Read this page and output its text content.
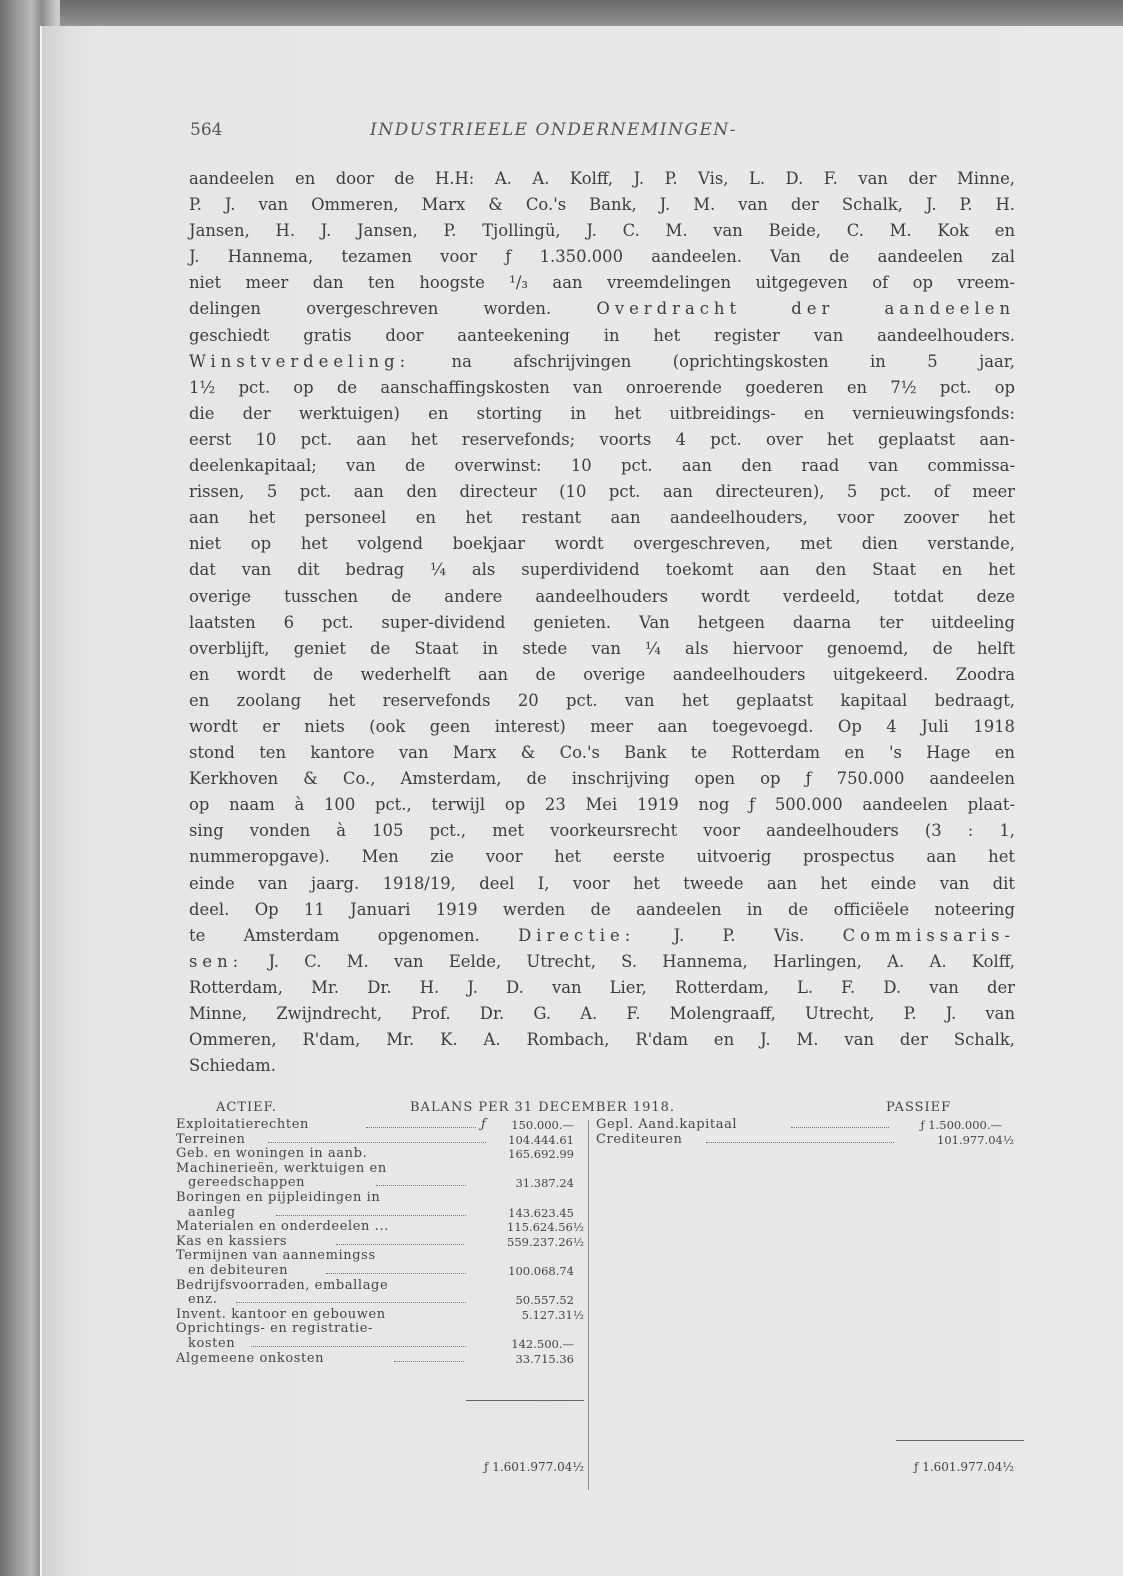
564	INDUSTRIEELE ONDERNEMINGEN-
aandeelen en door de H.H: A. A. Kolff, J. P. Vis, L. D. F. van der Minne,
P. J. van Ommeren, Marx & Co.'s Bank, J. M. van der Schalk, J. P. H.
Jansen, H. J. Jansen, P. Tjollingü, J. C. M. van Beide, C. M. Kok en
J. Hannema, tezamen voor ƒ 1.350.000 aandeelen. Van de aandeelen zal
niet meer dan ten hoogste ¹/₃ aan vreemdelingen uitgegeven of op vreem-
delingen overgeschreven worden.	Overdracht der aandeelen
geschiedt gratis door aanteekening in het register van aandeelhouders.
Winstverdeeling:	na afschrijvingen (oprichtingskosten in 5 jaar,
1½ pct. op de aanschaffingskosten van onroerende goederen en 7½ pct. op
die der werktuigen) en storting in het uitbreidings- en vernieuwingsfonds:
eerst 10 pct. aan het reservefonds; voorts 4 pct. over het geplaatst aan-
deelenkapitaal; van de overwinst: 10 pct. aan den raad van commissa-
rissen, 5 pct. aan den directeur (10 pct. aan directeuren), 5 pct. of meer
aan het personeel en het restant aan aandeelhouders, voor zoover het
niet op het volgend boekjaar wordt overgeschreven, met dien verstande,
dat van dit bedrag ¼ als superdividend toekomt aan den Staat en het
overige tusschen de andere aandeelhouders wordt verdeeld, totdat deze
laatsten 6 pct. super-dividend genieten. Van hetgeen daarna ter uitdeeling
overblijft, geniet de Staat in stede van ¼ als hiervoor genoemd, de helft
en wordt de wederhelft aan de overige aandeelhouders uitgekeerd. Zoodra
en zoolang het reservefonds 20 pct. van het geplaatst kapitaal bedraagt,
wordt er niets (ook geen interest) meer aan toegevoegd. Op 4 Juli 1918
stond ten kantore van Marx & Co.'s Bank te Rotterdam en 's Hage en
Kerkhoven & Co., Amsterdam, de inschrijving open op ƒ 750.000 aandeelen
op naam à 100 pct., terwijl op 23 Mei 1919 nog ƒ 500.000 aandeelen plaat-
sing vonden à 105 pct., met voorkeursrecht voor aandeelhouders (3 : 1,
nummeropgave). Men zie voor het eerste uitvoerig prospectus aan het
einde van jaarg. 1918/19, deel I, voor het tweede aan het einde van dit
deel. Op 11 Januari 1919 werden de aandeelen in de officiëele noteering
te Amsterdam opgenomen. Directie: J. P. Vis. Commissaris-
sen: J. C. M. van Eelde, Utrecht, S. Hannema, Harlingen, A. A. Kolff,
Rotterdam, Mr. Dr. H. J. D. van Lier, Rotterdam, L. F. D. van der
Minne, Zwijndrecht, Prof. Dr. G. A. F. Molengraaff, Utrecht, P. J. van
Ommeren, R'dam, Mr. K. A. Rombach, R'dam en J. M. van der Schalk,
Schiedam.
ACTIEF.	BALANS PER 31 DECEMBER 1918.	PASSIEF
Exploitatierechten	ƒ 150.000.—
Terreinen	104.444.61
Geb. en woningen in aanb.	165.692.99
Machinerieën, werktuigen en
gereedschappen	31.387.24
Boringen en pijpleidingen in
aanleg	143.623.45
Materialen en onderdeelen ...	115.624.56½
Kas en kassiers	559.237.26½
Termijnen van aannemingss
en debiteuren	100.068.74
Bedrijfsvoorraden, emballage
enz.	50.557.52
Invent. kantoor en gebouwen	5.127.31½
Oprichtings- en registratie-
kosten	142.500.—
Algemeene onkosten	33.715.36
ƒ 1.601.977.04½
Gepl. Aand.kapitaal	ƒ 1.500.000.—
Crediteuren	101.977.04½
ƒ 1.601.977.04½
